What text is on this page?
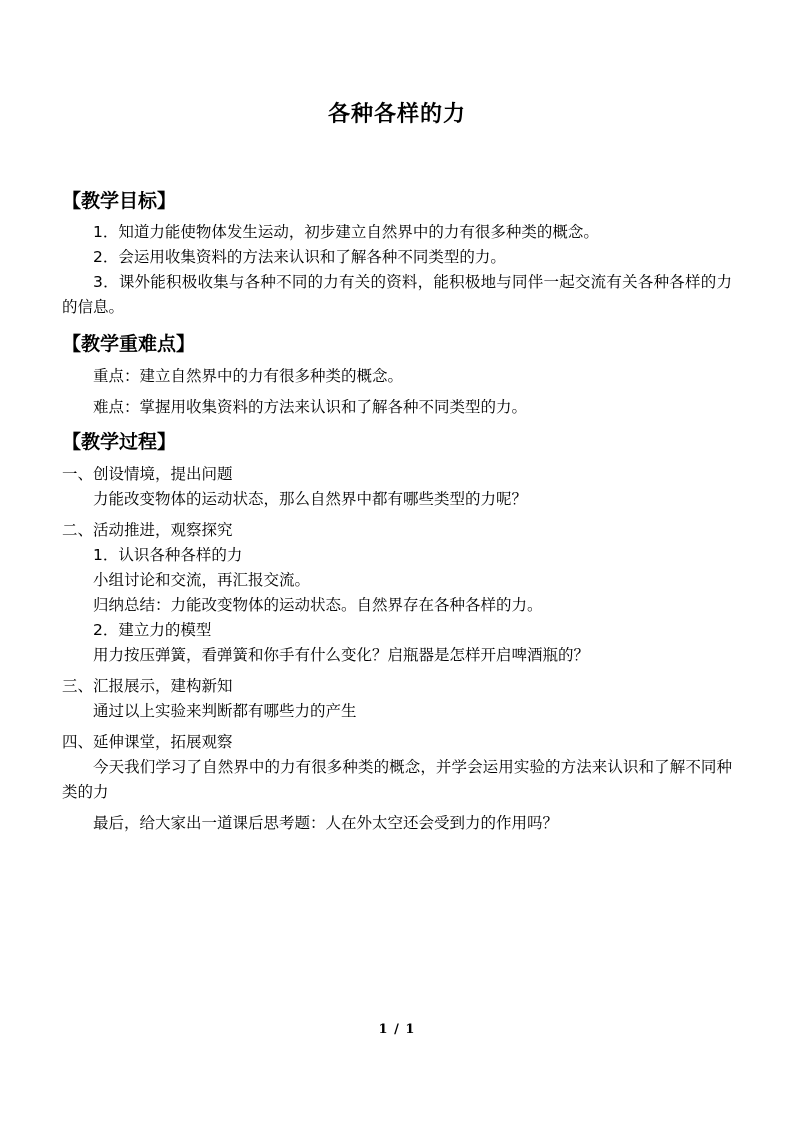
各种各样的力
【教学目标】

1．知道力能使物体发生运动，初步建立自然界中的力有很多种类的概念。

2．会运用收集资料的方法来认识和了解各种不同类型的力。

3．课外能积极收集与各种不同的力有关的资料，能积极地与同伴一起交流有关各种各样的力的信息。

【教学重难点】

重点：建立自然界中的力有很多种类的概念。

难点：掌握用收集资料的方法来认识和了解各种不同类型的力。

【教学过程】

一、创设情境，提出问题

力能改变物体的运动状态，那么自然界中都有哪些类型的力呢？

二、活动推进，观察探究

1．认识各种各样的力

小组讨论和交流，再汇报交流。

归纳总结：力能改变物体的运动状态。自然界存在各种各样的力。

2．建立力的模型

用力按压弹簧，看弹簧和你手有什么变化？启瓶器是怎样开启啤酒瓶的？

三、汇报展示，建构新知

通过以上实验来判断都有哪些力的产生

四、延伸课堂，拓展观察

今天我们学习了自然界中的力有很多种类的概念，并学会运用实验的方法来认识和了解不同种类的力

最后，给大家出一道课后思考题：人在外太空还会受到力的作用吗？

1 / 1
